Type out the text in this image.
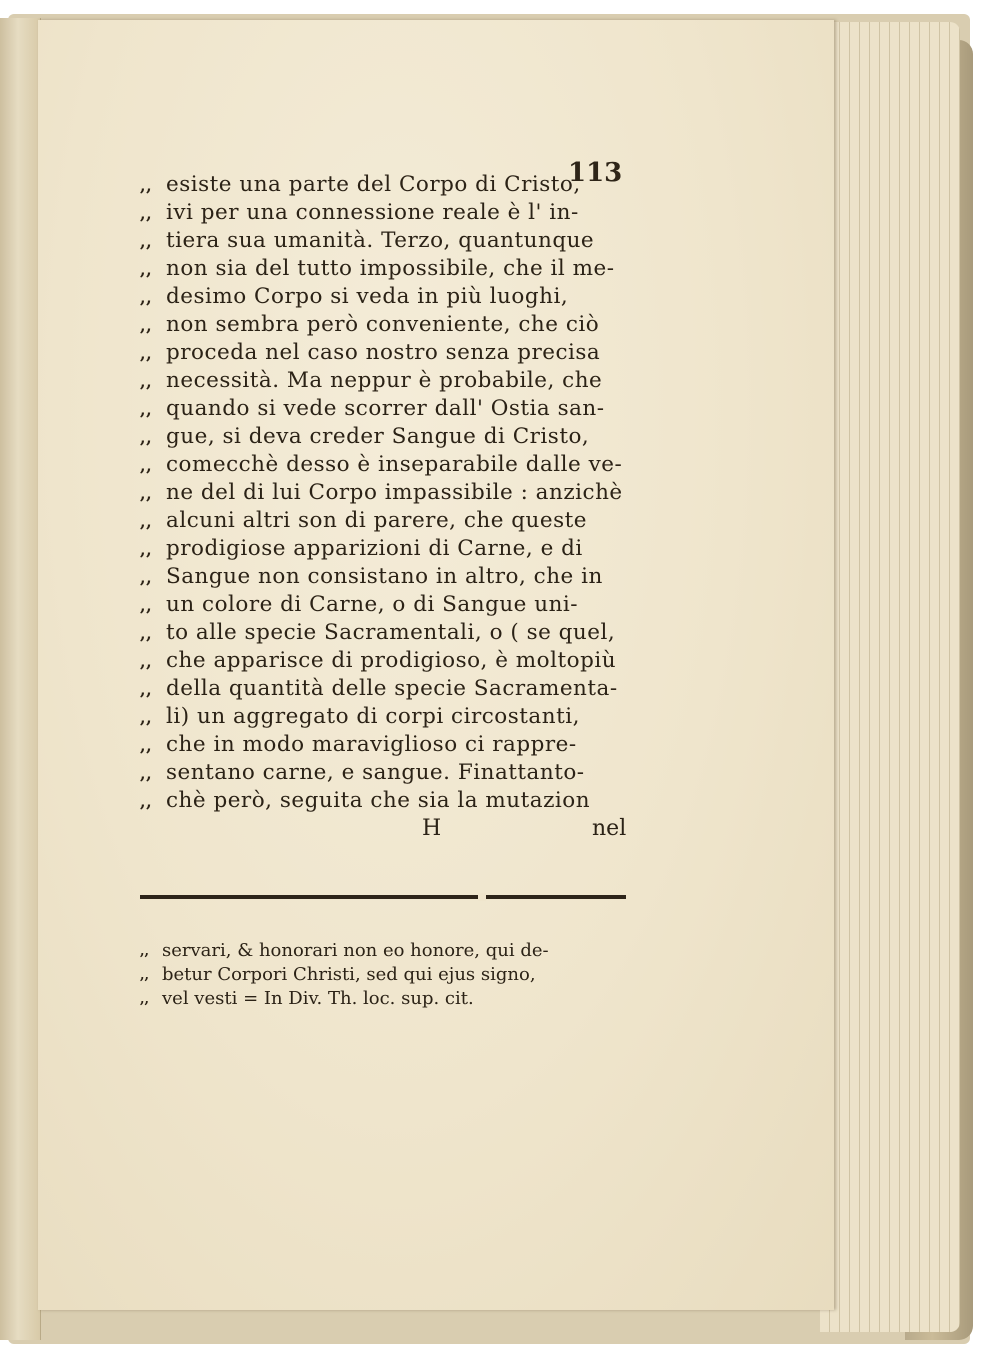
113

,, esiste una parte del Corpo di Cristo,
,, ivi per una connessione reale è l' in-
,, tiera sua umanità. Terzo, quantunque
,, non sia del tutto impossibile, che il me-
,, desimo Corpo si veda in più luoghi,
,, non sembra però conveniente, che ciò
,, proceda nel caso nostro senza precisa
,, necessità. Ma neppur è probabile, che
,, quando si vede scorrer dall' Ostia san-
,, gue, si deva creder Sangue di Cristo,
,, comecchè desso è inseparabile dalle ve-
,, ne del di lui Corpo impassibile : anzichè
,, alcuni altri son di parere, che queste
,, prodigiose apparizioni di Carne, e di
,, Sangue non consistano in altro, che in
,, un colore di Carne, o di Sangue uni-
,, to alle specie Sacramentali, o ( se quel,
,, che apparisce di prodigioso, è moltopiù
,, della quantità delle specie Sacramenta-
,, li) un aggregato di corpi circostanti,
,, che in modo maraviglioso ci rappre-
,, sentano carne, e sangue. Finattanto-
,, chè però, seguita che sia la mutazion
H	nel
,, servari, & honorari non eo honore, qui de-
,, betur Corpori Christi, sed qui ejus signo,
,, vel vesti = In Div. Th. loc. sup. cit.
